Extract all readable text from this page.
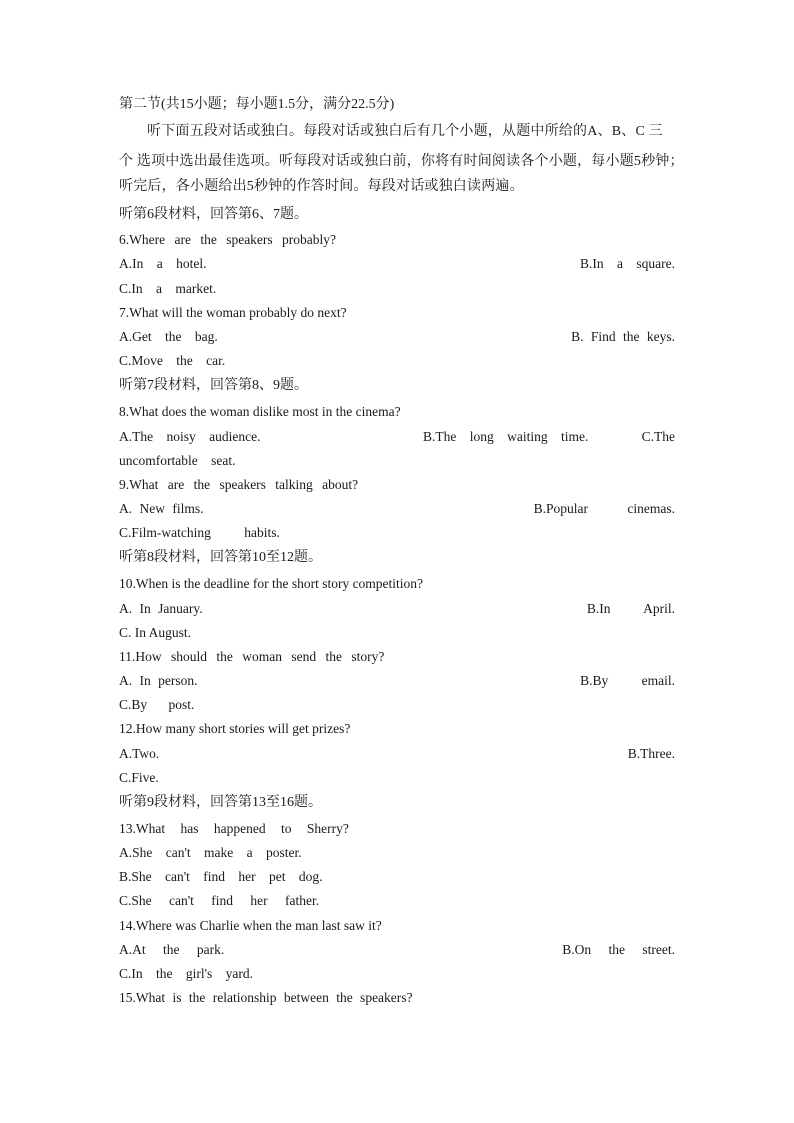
第二节(共15小题；每小题1.5分，满分22.5分)
听下面五段对话或独白。每段对话或独白后有几个小题，从题中所给的A、B、C 三
个 选项中选出最佳选项。听每段对话或独白前，你将有时间阅读各个小题，每小题5秒钟；
听完后，各小题给出5秒钟的作答时间。每段对话或独白读两遍。
听第6段材料，回答第6、7题。
6.Where are the speakers probably?
A.In a hotel.	B.In a square.
C.In a market.
7.What will the woman probably do next?
A.Get the bag.	B. Find the keys.
C.Move the car.
听第7段材料，回答第8、9题。
8.What does the woman dislike most in the cinema?
A.The noisy audience.	B.The long waiting time.	C.The
uncomfortable seat.
9.What are the speakers talking about?
A. New films.	B.Popular cinemas.
C.Film-watching habits.
听第8段材料，回答第10至12题。
10.When is the deadline for the short story competition?
A. In January.	B.In April.
C. In August.
11.How should the woman send the story?
A. In person.	B.By email.
C.By post.
12.How many short stories will get prizes?
A.Two.	B.Three.
C.Five.
听第9段材料，回答第13至16题。
13.What has happened to Sherry?
A.She can't make a poster.
B.She can't find her pet dog.
C.She can't find her father.
14.Where was Charlie when the man last saw it?
A.At the park.	B.On the street.
C.In the girl's yard.
15.What is the relationship between the speakers?
